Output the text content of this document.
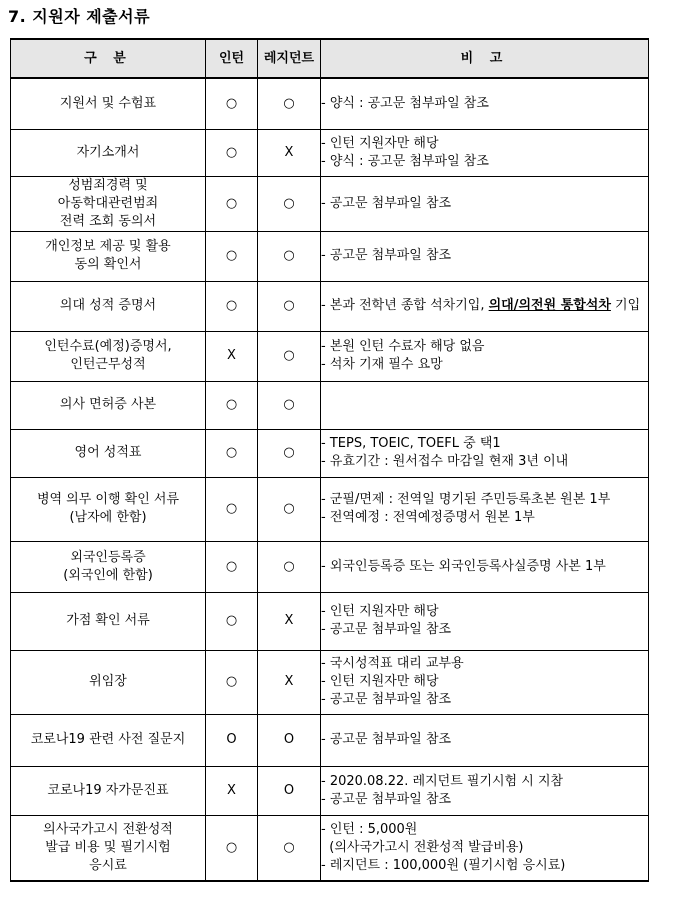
7. 지원자 제출서류
구 분	인턴	레지던트	비 고

지원서 및 수험표	○	○	- 양식 : 공고문 첨부파일 참조

자기소개서	○	X	- 인턴 지원자만 해당
- 양식 : 공고문 첨부파일 참조

성범죄경력 및
아동학대관련범죄
전력 조회 동의서	○	○	- 공고문 첨부파일 참조

개인정보 제공 및 활용
동의 확인서	○	○	- 공고문 첨부파일 참조

의대 성적 증명서	○	○	- 본과 전학년 종합 석차기입, 의대/의전원 통합석차 기입

인턴수료(예정)증명서,
인턴근무성적	X	○	- 본원 인턴 수료자 해당 없음
- 석차 기재 필수 요망

의사 면허증 사본	○	○	

영어 성적표	○	○	- TEPS, TOEIC, TOEFL 중 택1
- 유효기간 : 원서접수 마감일 현재 3년 이내

병역 의무 이행 확인 서류
(남자에 한함)	○	○	- 군필/면제 : 전역일 명기된 주민등록초본 원본 1부
- 전역예정 : 전역예정증명서 원본 1부

외국인등록증
(외국인에 한함)	○	○	- 외국인등록증 또는 외국인등록사실증명 사본 1부

가점 확인 서류	○	X	- 인턴 지원자만 해당
- 공고문 첨부파일 참조

위임장	○	X	- 국시성적표 대리 교부용
- 인턴 지원자만 해당
- 공고문 첨부파일 참조

코로나19 관련 사전 질문지	O	O	- 공고문 첨부파일 참조

코로나19 자가문진표	X	O	- 2020.08.22. 레지던트 필기시험 시 지참
- 공고문 첨부파일 참조

의사국가고시 전환성적
발급 비용 및 필기시험
응시료	○	○	- 인턴 : 5,000원
(의사국가고시 전환성적 발급비용)
- 레지던트 : 100,000원 (필기시험 응시료)
